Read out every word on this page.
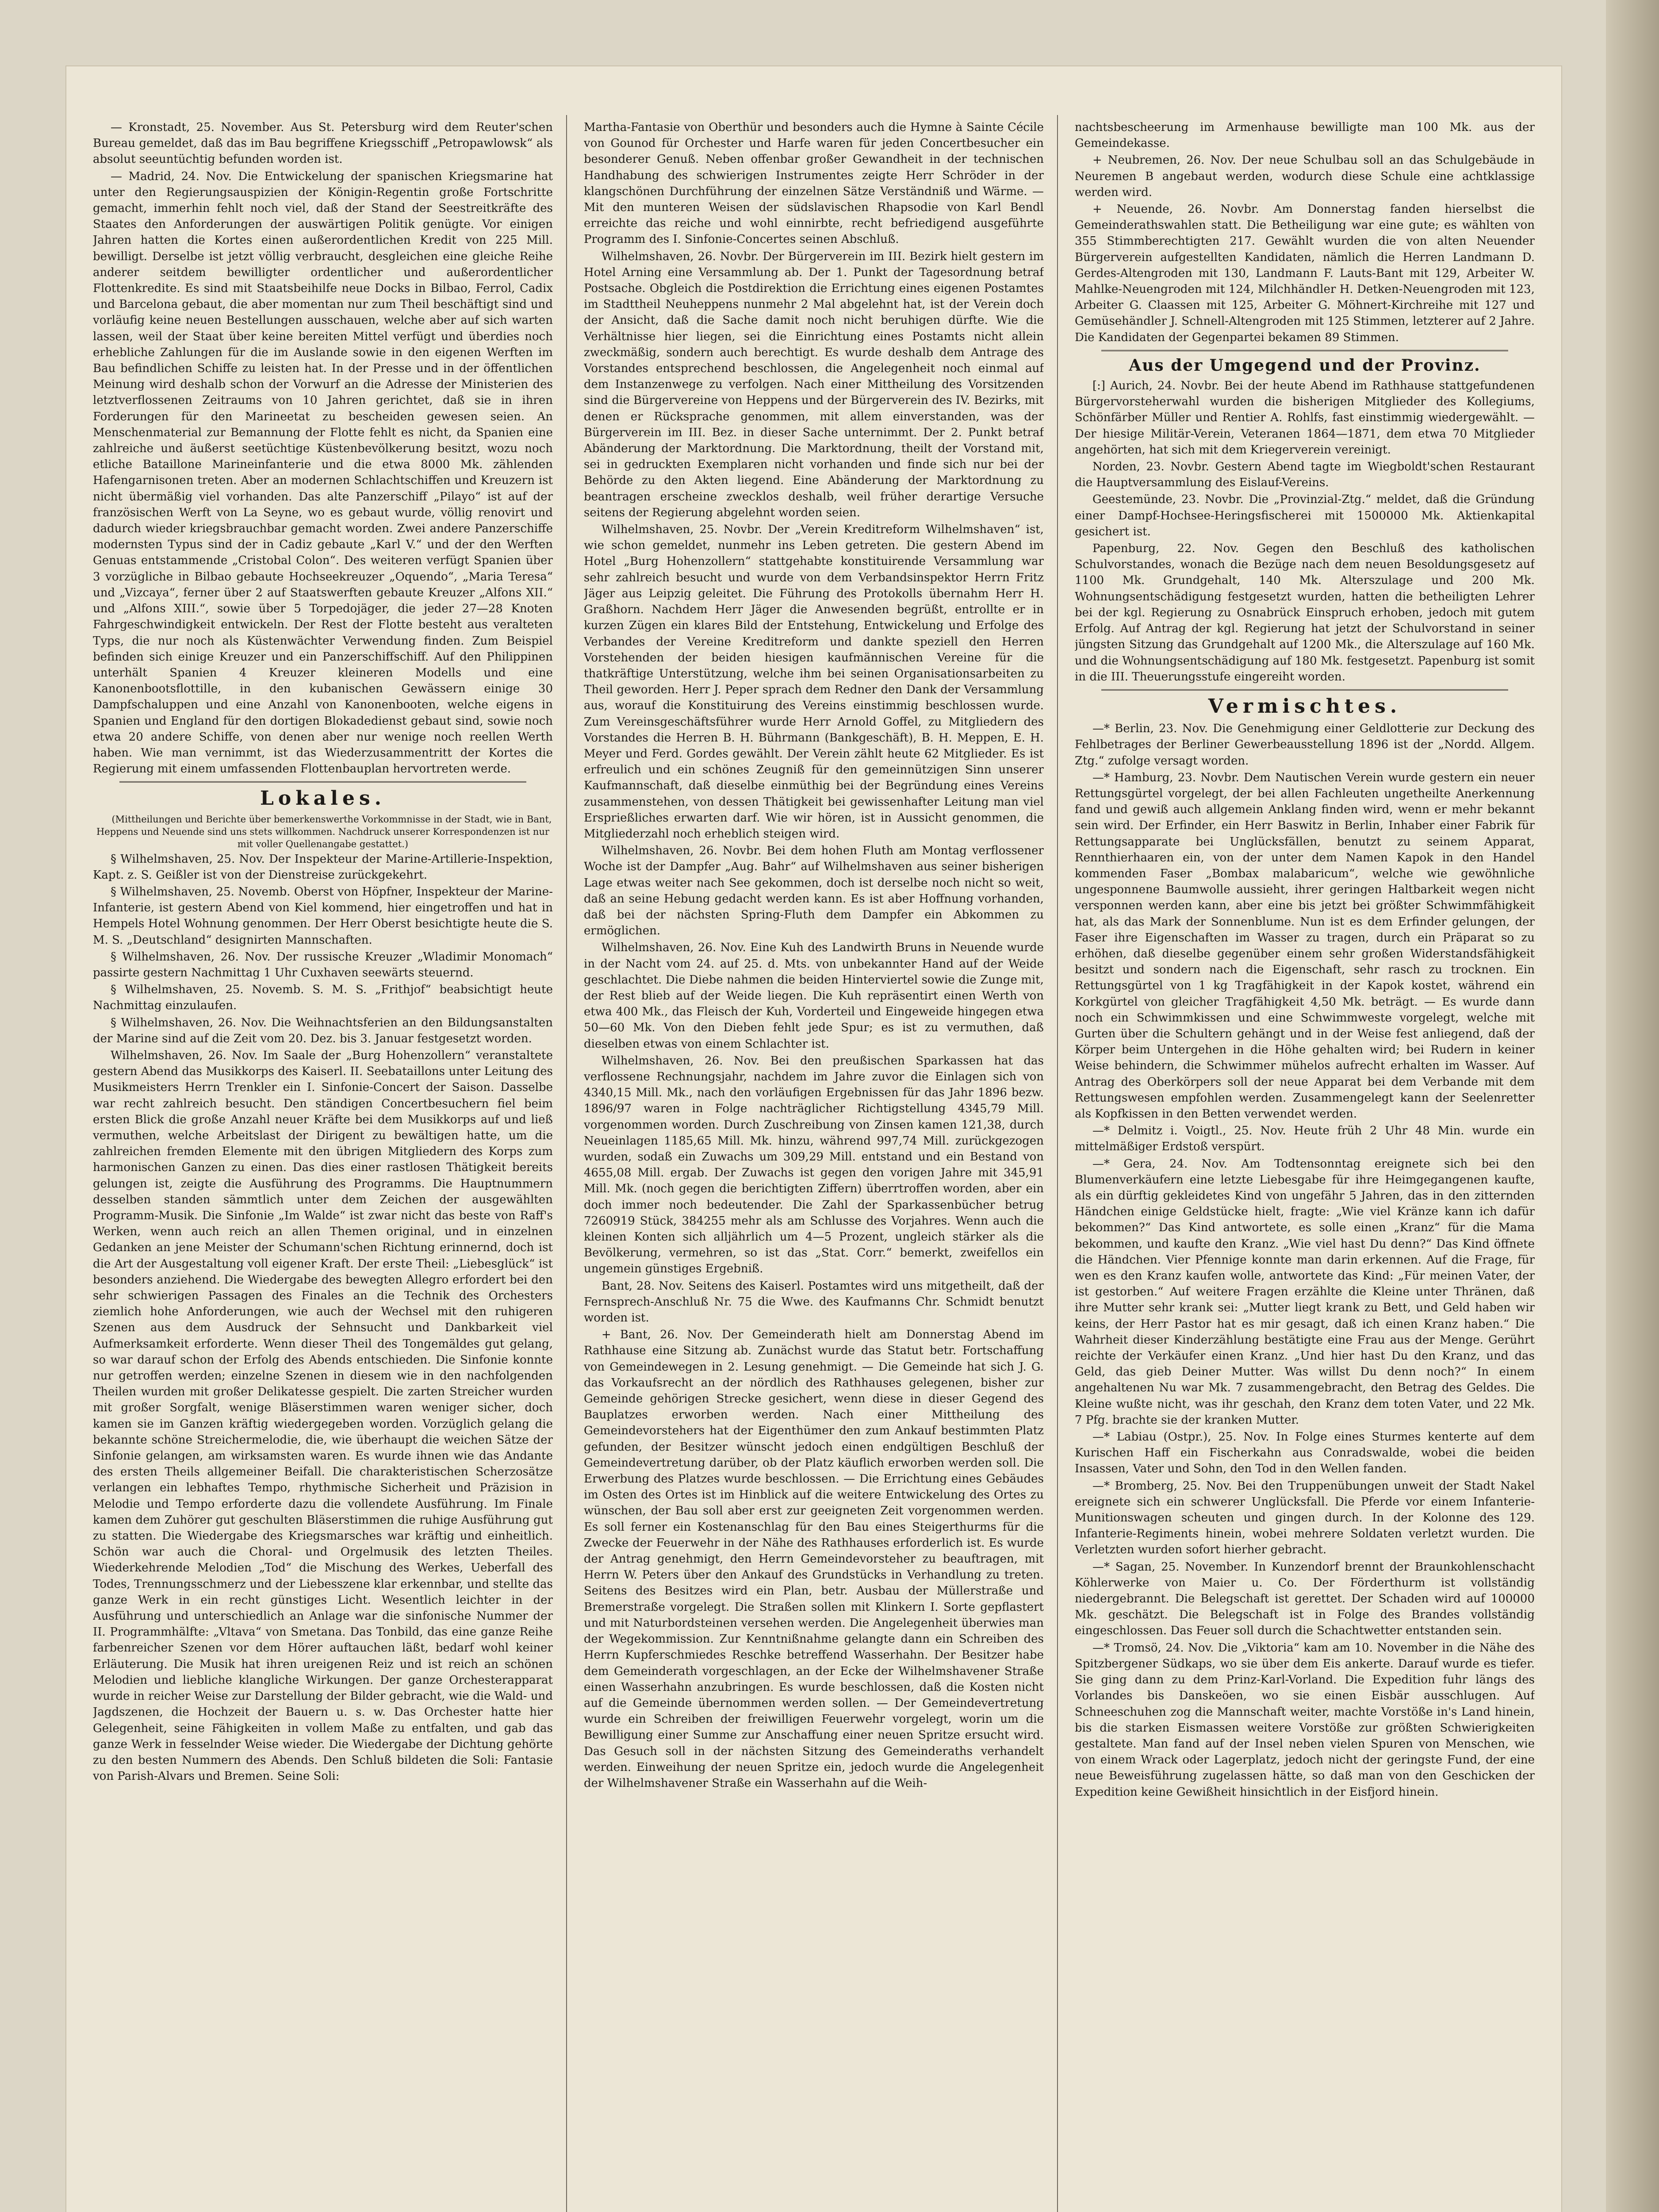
— Kronstadt, 25. November. Aus St. Petersburg wird dem Reuter'schen Bureau gemeldet, daß das im Bau begriffene Kriegsschiff „Petropawlowsk“ als absolut seeuntüchtig befunden worden ist.

— Madrid, 24. Nov. Die Entwickelung der spanischen Kriegsmarine hat unter den Regierungsauspizien der Königin-Regentin große Fortschritte gemacht, immerhin fehlt noch viel, daß der Stand der Seestreitkräfte des Staates den Anforderungen der auswärtigen Politik genügte. Vor einigen Jahren hatten die Kortes einen außerordentlichen Kredit von 225 Mill. bewilligt. Derselbe ist jetzt völlig verbraucht, desgleichen eine gleiche Reihe anderer seitdem bewilligter ordentlicher und außerordentlicher Flottenkredite. Es sind mit Staatsbeihilfe neue Docks in Bilbao, Ferrol, Cadix und Barcelona gebaut, die aber momentan nur zum Theil beschäftigt sind und vorläufig keine neuen Bestellungen ausschauen, welche aber auf sich warten lassen, weil der Staat über keine bereiten Mittel verfügt und überdies noch erhebliche Zahlungen für die im Auslande sowie in den eigenen Werften im Bau befindlichen Schiffe zu leisten hat. In der Presse und in der öffentlichen Meinung wird deshalb schon der Vorwurf an die Adresse der Ministerien des letztverflossenen Zeitraums von 10 Jahren gerichtet, daß sie in ihren Forderungen für den Marineetat zu bescheiden gewesen seien. An Menschenmaterial zur Bemannung der Flotte fehlt es nicht, da Spanien eine zahlreiche und äußerst seetüchtige Küstenbevölkerung besitzt, wozu noch etliche Bataillone Marineinfanterie und die etwa 8000 Mk. zählenden Hafengarnisonen treten. Aber an modernen Schlachtschiffen und Kreuzern ist nicht übermäßig viel vorhanden. Das alte Panzerschiff „Pilayo“ ist auf der französischen Werft von La Seyne, wo es gebaut wurde, völlig renovirt und dadurch wieder kriegsbrauchbar gemacht worden. Zwei andere Panzerschiffe modernsten Typus sind der in Cadiz gebaute „Karl V.“ und der den Werften Genuas entstammende „Cristobal Colon“. Des weiteren verfügt Spanien über 3 vorzügliche in Bilbao gebaute Hochseekreuzer „Oquendo“, „Maria Teresa“ und „Vizcaya“, ferner über 2 auf Staatswerften gebaute Kreuzer „Alfons XII.“ und „Alfons XIII.“, sowie über 5 Torpedojäger, die jeder 27—28 Knoten Fahrgeschwindigkeit entwickeln. Der Rest der Flotte besteht aus veralteten Typs, die nur noch als Küstenwächter Verwendung finden. Zum Beispiel befinden sich einige Kreuzer und ein Panzerschiffschiff. Auf den Philippinen unterhält Spanien 4 Kreuzer kleineren Modells und eine Kanonenbootsflottille, in den kubanischen Gewässern einige 30 Dampfschaluppen und eine Anzahl von Kanonenbooten, welche eigens in Spanien und England für den dortigen Blokadedienst gebaut sind, sowie noch etwa 20 andere Schiffe, von denen aber nur wenige noch reellen Werth haben. Wie man vernimmt, ist das Wiederzusammentritt der Kortes die Regierung mit einem umfassenden Flottenbauplan hervortreten werde.

Lokales.

(Mittheilungen und Berichte über bemerkenswerthe Vorkommnisse in der Stadt, wie in Bant, Heppens und Neuende sind uns stets willkommen. Nachdruck unserer Korrespondenzen ist nur mit voller Quellenangabe gestattet.)

§ Wilhelmshaven, 25. Nov. Der Inspekteur der Marine-Artillerie-Inspektion, Kapt. z. S. Geißler ist von der Dienstreise zurückgekehrt.

§ Wilhelmshaven, 25. Novemb. Oberst von Höpfner, Inspekteur der Marine-Infanterie, ist gestern Abend von Kiel kommend, hier eingetroffen und hat in Hempels Hotel Wohnung genommen. Der Herr Oberst besichtigte heute die S. M. S. „Deutschland“ designirten Mannschaften.

§ Wilhelmshaven, 26. Nov. Der russische Kreuzer „Wladimir Monomach“ passirte gestern Nachmittag 1 Uhr Cuxhaven seewärts steuernd.

§ Wilhelmshaven, 25. Novemb. S. M. S. „Frithjof“ beabsichtigt heute Nachmittag einzulaufen.

§ Wilhelmshaven, 26. Nov. Die Weihnachtsferien an den Bildungsanstalten der Marine sind auf die Zeit vom 20. Dez. bis 3. Januar festgesetzt worden.

Wilhelmshaven, 26. Nov. Im Saale der „Burg Hohenzollern“ veranstaltete gestern Abend das Musikkorps des Kaiserl. II. Seebataillons unter Leitung des Musikmeisters Herrn Trenkler ein I. Sinfonie-Concert der Saison. Dasselbe war recht zahlreich besucht. Den ständigen Concertbesuchern fiel beim ersten Blick die große Anzahl neuer Kräfte bei dem Musikkorps auf und ließ vermuthen, welche Arbeitslast der Dirigent zu bewältigen hatte, um die zahlreichen fremden Elemente mit den übrigen Mitgliedern des Korps zum harmonischen Ganzen zu einen. Das dies einer rastlosen Thätigkeit bereits gelungen ist, zeigte die Ausführung des Programms. Die Hauptnummern desselben standen sämmtlich unter dem Zeichen der ausgewählten Programm-Musik. Die Sinfonie „Im Walde“ ist zwar nicht das beste von Raff's Werken, wenn auch reich an allen Themen original, und in einzelnen Gedanken an jene Meister der Schumann'schen Richtung erinnernd, doch ist die Art der Ausgestaltung voll eigener Kraft. Der erste Theil: „Liebesglück“ ist besonders anziehend. Die Wiedergabe des bewegten Allegro erfordert bei den sehr schwierigen Passagen des Finales an die Technik des Orchesters ziemlich hohe Anforderungen, wie auch der Wechsel mit den ruhigeren Szenen aus dem Ausdruck der Sehnsucht und Dankbarkeit viel Aufmerksamkeit erforderte. Wenn dieser Theil des Tongemäldes gut gelang, so war darauf schon der Erfolg des Abends entschieden. Die Sinfonie konnte nur getroffen werden; einzelne Szenen in diesem wie in den nachfolgenden Theilen wurden mit großer Delikatesse gespielt. Die zarten Streicher wurden mit großer Sorgfalt, wenige Bläserstimmen waren weniger sicher, doch kamen sie im Ganzen kräftig wiedergegeben worden. Vorzüglich gelang die bekannte schöne Streichermelodie, die, wie überhaupt die weichen Sätze der Sinfonie gelangen, am wirksamsten waren. Es wurde ihnen wie das Andante des ersten Theils allgemeiner Beifall. Die charakteristischen Scherzosätze verlangen ein lebhaftes Tempo, rhythmische Sicherheit und Präzision in Melodie und Tempo erforderte dazu die vollendete Ausführung. Im Finale kamen dem Zuhörer gut geschulten Bläserstimmen die ruhige Ausführung gut zu statten. Die Wiedergabe des Kriegsmarsches war kräftig und einheitlich. Schön war auch die Choral- und Orgelmusik des letzten Theiles. Wiederkehrende Melodien „Tod“ die Mischung des Werkes, Ueberfall des Todes, Trennungsschmerz und der Liebesszene klar erkennbar, und stellte das ganze Werk in ein recht günstiges Licht. Wesentlich leichter in der Ausführung und unterschiedlich an Anlage war die sinfonische Nummer der II. Programmhälfte: „Vltava“ von Smetana. Das Tonbild, das eine ganze Reihe farbenreicher Szenen vor dem Hörer auftauchen läßt, bedarf wohl keiner Erläuterung. Die Musik hat ihren ureigenen Reiz und ist reich an schönen Melodien und liebliche klangliche Wirkungen. Der ganze Orchesterapparat wurde in reicher Weise zur Darstellung der Bilder gebracht, wie die Wald- und Jagdszenen, die Hochzeit der Bauern u. s. w. Das Orchester hatte hier Gelegenheit, seine Fähigkeiten in vollem Maße zu entfalten, und gab das ganze Werk in fesselnder Weise wieder. Die Wiedergabe der Dichtung gehörte zu den besten Nummern des Abends. Den Schluß bildeten die Soli: Fantasie von Parish-Alvars und Bremen. Seine Soli:

Martha-Fantasie von Oberthür und besonders auch die Hymne à Sainte Cécile von Gounod für Orchester und Harfe waren für jeden Concertbesucher ein besonderer Genuß. Neben offenbar großer Gewandheit in der technischen Handhabung des schwierigen Instrumentes zeigte Herr Schröder in der klangschönen Durchführung der einzelnen Sätze Verständniß und Wärme. — Mit den munteren Weisen der südslavischen Rhapsodie von Karl Bendl erreichte das reiche und wohl einnirbte, recht befriedigend ausgeführte Programm des I. Sinfonie-Concertes seinen Abschluß.

Wilhelmshaven, 26. Novbr. Der Bürgerverein im III. Bezirk hielt gestern im Hotel Arning eine Versammlung ab. Der 1. Punkt der Tagesordnung betraf Postsache. Obgleich die Postdirektion die Errichtung eines eigenen Postamtes im Stadttheil Neuheppens nunmehr 2 Mal abgelehnt hat, ist der Verein doch der Ansicht, daß die Sache damit noch nicht beruhigen dürfte. Wie die Verhältnisse hier liegen, sei die Einrichtung eines Postamts nicht allein zweckmäßig, sondern auch berechtigt. Es wurde deshalb dem Antrage des Vorstandes entsprechend beschlossen, die Angelegenheit noch einmal auf dem Instanzenwege zu verfolgen. Nach einer Mittheilung des Vorsitzenden sind die Bürgervereine von Heppens und der Bürgerverein des IV. Bezirks, mit denen er Rücksprache genommen, mit allem einverstanden, was der Bürgerverein im III. Bez. in dieser Sache unternimmt. Der 2. Punkt betraf Abänderung der Marktordnung. Die Marktordnung, theilt der Vorstand mit, sei in gedruckten Exemplaren nicht vorhanden und finde sich nur bei der Behörde zu den Akten liegend. Eine Abänderung der Marktordnung zu beantragen erscheine zwecklos deshalb, weil früher derartige Versuche seitens der Regierung abgelehnt worden seien.

Wilhelmshaven, 25. Novbr. Der „Verein Kreditreform Wilhelmshaven“ ist, wie schon gemeldet, nunmehr ins Leben getreten. Die gestern Abend im Hotel „Burg Hohenzollern“ stattgehabte konstituirende Versammlung war sehr zahlreich besucht und wurde von dem Verbandsinspektor Herrn Fritz Jäger aus Leipzig geleitet. Die Führung des Protokolls übernahm Herr H. Graßhorn. Nachdem Herr Jäger die Anwesenden begrüßt, entrollte er in kurzen Zügen ein klares Bild der Entstehung, Entwickelung und Erfolge des Verbandes der Vereine Kreditreform und dankte speziell den Herren Vorstehenden der beiden hiesigen kaufmännischen Vereine für die thatkräftige Unterstützung, welche ihm bei seinen Organisationsarbeiten zu Theil geworden. Herr J. Peper sprach dem Redner den Dank der Versammlung aus, worauf die Konstituirung des Vereins einstimmig beschlossen wurde. Zum Vereinsgeschäftsführer wurde Herr Arnold Goffel, zu Mitgliedern des Vorstandes die Herren B. H. Bührmann (Bankgeschäft), B. H. Meppen, E. H. Meyer und Ferd. Gordes gewählt. Der Verein zählt heute 62 Mitglieder. Es ist erfreulich und ein schönes Zeugniß für den gemeinnützigen Sinn unserer Kaufmannschaft, daß dieselbe einmüthig bei der Begründung eines Vereins zusammenstehen, von dessen Thätigkeit bei gewissenhafter Leitung man viel Ersprießliches erwarten darf. Wie wir hören, ist in Aussicht genommen, die Mitgliederzahl noch erheblich steigen wird.

Wilhelmshaven, 26. Novbr. Bei dem hohen Fluth am Montag verflossener Woche ist der Dampfer „Aug. Bahr“ auf Wilhelmshaven aus seiner bisherigen Lage etwas weiter nach See gekommen, doch ist derselbe noch nicht so weit, daß an seine Hebung gedacht werden kann. Es ist aber Hoffnung vorhanden, daß bei der nächsten Spring-Fluth dem Dampfer ein Abkommen zu ermöglichen.

Wilhelmshaven, 26. Nov. Eine Kuh des Landwirth Bruns in Neuende wurde in der Nacht vom 24. auf 25. d. Mts. von unbekannter Hand auf der Weide geschlachtet. Die Diebe nahmen die beiden Hinterviertel sowie die Zunge mit, der Rest blieb auf der Weide liegen. Die Kuh repräsentirt einen Werth von etwa 400 Mk., das Fleisch der Kuh, Vorderteil und Eingeweide hingegen etwa 50—60 Mk. Von den Dieben fehlt jede Spur; es ist zu vermuthen, daß dieselben etwas von einem Schlachter ist.

Wilhelmshaven, 26. Nov. Bei den preußischen Sparkassen hat das verflossene Rechnungsjahr, nachdem im Jahre zuvor die Einlagen sich von 4340,15 Mill. Mk., nach den vorläufigen Ergebnissen für das Jahr 1896 bezw. 1896/97 waren in Folge nachträglicher Richtigstellung 4345,79 Mill. vorgenommen worden. Durch Zuschreibung von Zinsen kamen 121,38, durch Neueinlagen 1185,65 Mill. Mk. hinzu, während 997,74 Mill. zurückgezogen wurden, sodaß ein Zuwachs um 309,29 Mill. entstand und ein Bestand von 4655,08 Mill. ergab. Der Zuwachs ist gegen den vorigen Jahre mit 345,91 Mill. Mk. (noch gegen die berichtigten Ziffern) überrtroffen worden, aber ein doch immer noch bedeutender. Die Zahl der Sparkassenbücher betrug 7260919 Stück, 384255 mehr als am Schlusse des Vorjahres. Wenn auch die kleinen Konten sich alljährlich um 4—5 Prozent, ungleich stärker als die Bevölkerung, vermehren, so ist das „Stat. Corr.“ bemerkt, zweifellos ein ungemein günstiges Ergebniß.

Bant, 28. Nov. Seitens des Kaiserl. Postamtes wird uns mitgetheilt, daß der Fernsprech-Anschluß Nr. 75 die Wwe. des Kaufmanns Chr. Schmidt benutzt worden ist.

+ Bant, 26. Nov. Der Gemeinderath hielt am Donnerstag Abend im Rathhause eine Sitzung ab. Zunächst wurde das Statut betr. Fortschaffung von Gemeindewegen in 2. Lesung genehmigt. — Die Gemeinde hat sich J. G. das Vorkaufsrecht an der nördlich des Rathhauses gelegenen, bisher zur Gemeinde gehörigen Strecke gesichert, wenn diese in dieser Gegend des Bauplatzes erworben werden. Nach einer Mittheilung des Gemeindevorstehers hat der Eigenthümer den zum Ankauf bestimmten Platz gefunden, der Besitzer wünscht jedoch einen endgültigen Beschluß der Gemeindevertretung darüber, ob der Platz käuflich erworben werden soll. Die Erwerbung des Platzes wurde beschlossen. — Die Errichtung eines Gebäudes im Osten des Ortes ist im Hinblick auf die weitere Entwickelung des Ortes zu wünschen, der Bau soll aber erst zur geeigneten Zeit vorgenommen werden. Es soll ferner ein Kostenanschlag für den Bau eines Steigerthurms für die Zwecke der Feuerwehr in der Nähe des Rathhauses erforderlich ist. Es wurde der Antrag genehmigt, den Herrn Gemeindevorsteher zu beauftragen, mit Herrn W. Peters über den Ankauf des Grundstücks in Verhandlung zu treten. Seitens des Besitzes wird ein Plan, betr. Ausbau der Müllerstraße und Bremerstraße vorgelegt. Die Straßen sollen mit Klinkern I. Sorte gepflastert und mit Naturbordsteinen versehen werden. Die Angelegenheit überwies man der Wegekommission. Zur Kenntnißnahme gelangte dann ein Schreiben des Herrn Kupferschmiedes Reschke betreffend Wasserhahn. Der Besitzer habe dem Gemeinderath vorgeschlagen, an der Ecke der Wilhelmshavener Straße einen Wasserhahn anzubringen. Es wurde beschlossen, daß die Kosten nicht auf die Gemeinde übernommen werden sollen. — Der Gemeindevertretung wurde ein Schreiben der freiwilligen Feuerwehr vorgelegt, worin um die Bewilligung einer Summe zur Anschaffung einer neuen Spritze ersucht wird. Das Gesuch soll in der nächsten Sitzung des Gemeinderaths verhandelt werden. Einweihung der neuen Spritze ein, jedoch wurde die Angelegenheit der Wilhelmshavener Straße ein Wasserhahn auf die Weih-

nachtsbescheerung im Armenhause bewilligte man 100 Mk. aus der Gemeindekasse.

+ Neubremen, 26. Nov. Der neue Schulbau soll an das Schulgebäude in Neuremen B angebaut werden, wodurch diese Schule eine achtklassige werden wird.

+ Neuende, 26. Novbr. Am Donnerstag fanden hierselbst die Gemeinderathswahlen statt. Die Betheiligung war eine gute; es wählten von 355 Stimmberechtigten 217. Gewählt wurden die von alten Neuender Bürgerverein aufgestellten Kandidaten, nämlich die Herren Landmann D. Gerdes-Altengroden mit 130, Landmann F. Lauts-Bant mit 129, Arbeiter W. Mahlke-Neuengroden mit 124, Milchhändler H. Detken-Neuengroden mit 123, Arbeiter G. Claassen mit 125, Arbeiter G. Möhnert-Kirchreihe mit 127 und Gemüsehändler J. Schnell-Altengroden mit 125 Stimmen, letzterer auf 2 Jahre. Die Kandidaten der Gegenpartei bekamen 89 Stimmen.

Aus der Umgegend und der Provinz.

[:] Aurich, 24. Novbr. Bei der heute Abend im Rathhause stattgefundenen Bürgervorsteherwahl wurden die bisherigen Mitglieder des Kollegiums, Schönfärber Müller und Rentier A. Rohlfs, fast einstimmig wiedergewählt. — Der hiesige Militär-Verein, Veteranen 1864—1871, dem etwa 70 Mitglieder angehörten, hat sich mit dem Kriegerverein vereinigt.

Norden, 23. Novbr. Gestern Abend tagte im Wiegboldt'schen Restaurant die Hauptversammlung des Eislauf-Vereins.

Geestemünde, 23. Novbr. Die „Provinzial-Ztg.“ meldet, daß die Gründung einer Dampf-Hochsee-Heringsfischerei mit 1500000 Mk. Aktienkapital gesichert ist.

Papenburg, 22. Nov. Gegen den Beschluß des katholischen Schulvorstandes, wonach die Bezüge nach dem neuen Besoldungsgesetz auf 1100 Mk. Grundgehalt, 140 Mk. Alterszulage und 200 Mk. Wohnungsentschädigung festgesetzt wurden, hatten die betheiligten Lehrer bei der kgl. Regierung zu Osnabrück Einspruch erhoben, jedoch mit gutem Erfolg. Auf Antrag der kgl. Regierung hat jetzt der Schulvorstand in seiner jüngsten Sitzung das Grundgehalt auf 1200 Mk., die Alterszulage auf 160 Mk. und die Wohnungsentschädigung auf 180 Mk. festgesetzt. Papenburg ist somit in die III. Theuerungsstufe eingereiht worden.

Vermischtes.

—* Berlin, 23. Nov. Die Genehmigung einer Geldlotterie zur Deckung des Fehlbetrages der Berliner Gewerbeausstellung 1896 ist der „Nordd. Allgem. Ztg.“ zufolge versagt worden.

—* Hamburg, 23. Novbr. Dem Nautischen Verein wurde gestern ein neuer Rettungsgürtel vorgelegt, der bei allen Fachleuten ungetheilte Anerkennung fand und gewiß auch allgemein Anklang finden wird, wenn er mehr bekannt sein wird. Der Erfinder, ein Herr Baswitz in Berlin, Inhaber einer Fabrik für Rettungsapparate bei Unglücksfällen, benutzt zu seinem Apparat, Rennthierhaaren ein, von der unter dem Namen Kapok in den Handel kommenden Faser „Bombax malabaricum“, welche wie gewöhnliche ungesponnene Baumwolle aussieht, ihrer geringen Haltbarkeit wegen nicht versponnen werden kann, aber eine bis jetzt bei größter Schwimmfähigkeit hat, als das Mark der Sonnenblume. Nun ist es dem Erfinder gelungen, der Faser ihre Eigenschaften im Wasser zu tragen, durch ein Präparat so zu erhöhen, daß dieselbe gegenüber einem sehr großen Widerstandsfähigkeit besitzt und sondern nach die Eigenschaft, sehr rasch zu trocknen. Ein Rettungsgürtel von 1 kg Tragfähigkeit in der Kapok kostet, während ein Korkgürtel von gleicher Tragfähigkeit 4,50 Mk. beträgt. — Es wurde dann noch ein Schwimmkissen und eine Schwimmweste vorgelegt, welche mit Gurten über die Schultern gehängt und in der Weise fest anliegend, daß der Körper beim Untergehen in die Höhe gehalten wird; bei Rudern in keiner Weise behindern, die Schwimmer mühelos aufrecht erhalten im Wasser. Auf Antrag des Oberkörpers soll der neue Apparat bei dem Verbande mit dem Rettungswesen empfohlen werden. Zusammengelegt kann der Seelenretter als Kopfkissen in den Betten verwendet werden.

—* Delmitz i. Voigtl., 25. Nov. Heute früh 2 Uhr 48 Min. wurde ein mittelmäßiger Erdstoß verspürt.

—* Gera, 24. Nov. Am Todtensonntag ereignete sich bei den Blumenverkäufern eine letzte Liebesgabe für ihre Heimgegangenen kaufte, als ein dürftig gekleidetes Kind von ungefähr 5 Jahren, das in den zitternden Händchen einige Geldstücke hielt, fragte: „Wie viel Kränze kann ich dafür bekommen?“ Das Kind antwortete, es solle einen „Kranz“ für die Mama bekommen, und kaufte den Kranz. „Wie viel hast Du denn?“ Das Kind öffnete die Händchen. Vier Pfennige konnte man darin erkennen. Auf die Frage, für wen es den Kranz kaufen wolle, antwortete das Kind: „Für meinen Vater, der ist gestorben.“ Auf weitere Fragen erzählte die Kleine unter Thränen, daß ihre Mutter sehr krank sei: „Mutter liegt krank zu Bett, und Geld haben wir keins, der Herr Pastor hat es mir gesagt, daß ich einen Kranz haben.“ Die Wahrheit dieser Kinderzählung bestätigte eine Frau aus der Menge. Gerührt reichte der Verkäufer einen Kranz. „Und hier hast Du den Kranz, und das Geld, das gieb Deiner Mutter. Was willst Du denn noch?“ In einem angehaltenen Nu war Mk. 7 zusammengebracht, den Betrag des Geldes. Die Kleine wußte nicht, was ihr geschah, den Kranz dem toten Vater, und 22 Mk. 7 Pfg. brachte sie der kranken Mutter.

—* Labiau (Ostpr.), 25. Nov. In Folge eines Sturmes kenterte auf dem Kurischen Haff ein Fischerkahn aus Conradswalde, wobei die beiden Insassen, Vater und Sohn, den Tod in den Wellen fanden.

—* Bromberg, 25. Nov. Bei den Truppenübungen unweit der Stadt Nakel ereignete sich ein schwerer Unglücksfall. Die Pferde vor einem Infanterie-Munitionswagen scheuten und gingen durch. In der Kolonne des 129. Infanterie-Regiments hinein, wobei mehrere Soldaten verletzt wurden. Die Verletzten wurden sofort hierher gebracht.

—* Sagan, 25. November. In Kunzendorf brennt der Braunkohlenschacht Köhlerwerke von Maier u. Co. Der Förderthurm ist vollständig niedergebrannt. Die Belegschaft ist gerettet. Der Schaden wird auf 100000 Mk. geschätzt. Die Belegschaft ist in Folge des Brandes vollständig eingeschlossen. Das Feuer soll durch die Schachtwetter entstanden sein.

—* Tromsö, 24. Nov. Die „Viktoria“ kam am 10. November in die Nähe des Spitzbergener Südkaps, wo sie über dem Eis ankerte. Darauf wurde es tiefer. Sie ging dann zu dem Prinz-Karl-Vorland. Die Expedition fuhr längs des Vorlandes bis Danskeöen, wo sie einen Eisbär ausschlugen. Auf Schneeschuhen zog die Mannschaft weiter, machte Vorstöße in's Land hinein, bis die starken Eismassen weitere Vorstöße zur größten Schwierigkeiten gestaltete. Man fand auf der Insel neben vielen Spuren von Menschen, wie von einem Wrack oder Lagerplatz, jedoch nicht der geringste Fund, der eine neue Beweisführung zugelassen hätte, so daß man von den Geschicken der Expedition keine Gewißheit hinsichtlich in der Eisfjord hinein.
